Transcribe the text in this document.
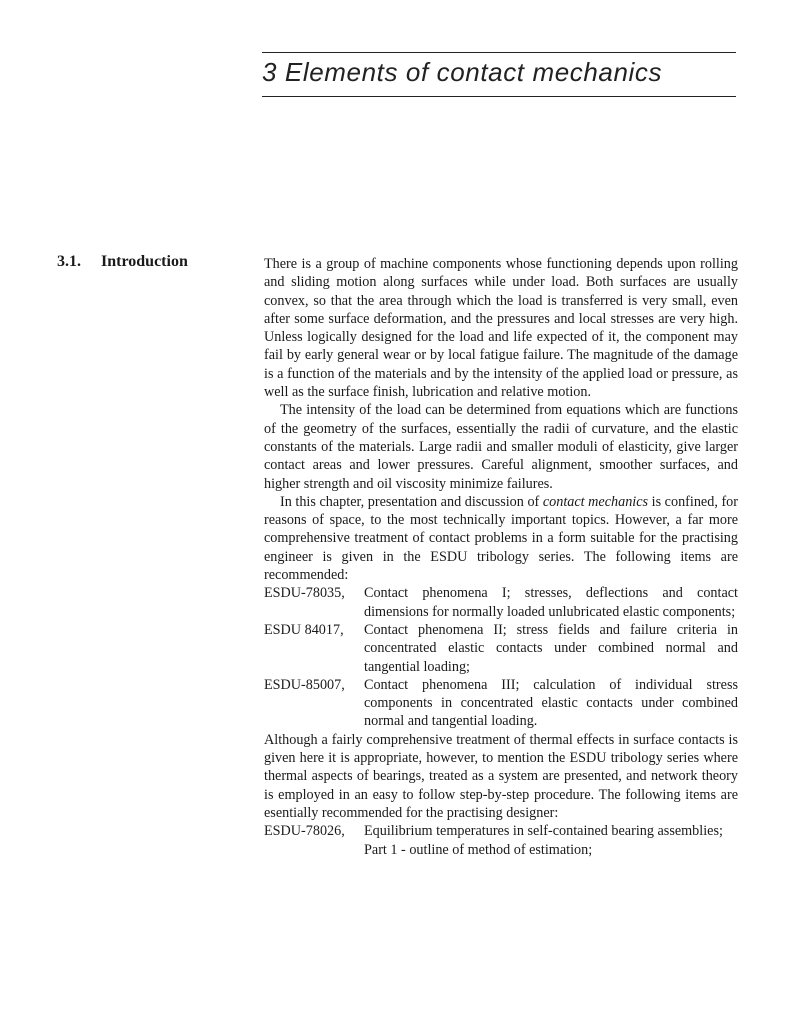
3 Elements of contact mechanics
3.1. Introduction	There is a group of machine components whose functioning depends upon rolling and sliding motion along surfaces while under load. Both surfaces are usually convex, so that the area through which the load is transferred is very small, even after some surface deformation, and the pressures and local stresses are very high. Unless logically designed for the load and life expected of it, the component may fail by early general wear or by local fatigue failure. The magnitude of the damage is a function of the materials and by the intensity of the applied load or pressure, as well as the surface finish, lubrication and relative motion.

The intensity of the load can be determined from equations which are functions of the geometry of the surfaces, essentially the radii of curvature, and the elastic constants of the materials. Large radii and smaller moduli of elasticity, give larger contact areas and lower pressures. Careful alignment, smoother surfaces, and higher strength and oil viscosity minimize failures.

In this chapter, presentation and discussion of contact mechanics is confined, for reasons of space, to the most technically important topics. However, a far more comprehensive treatment of contact problems in a form suitable for the practising engineer is given in the ESDU tribology series. The following items are recommended:

ESDU-78035,	Contact phenomena I; stresses, deflections and contact dimensions for normally loaded unlubricated elastic components;
ESDU 84017,	Contact phenomena II; stress fields and failure criteria in concentrated elastic contacts under combined normal and tangential loading;
ESDU-85007,	Contact phenomena III; calculation of individual stress components in concentrated elastic contacts under combined normal and tangential loading.

Although a fairly comprehensive treatment of thermal effects in surface contacts is given here it is appropriate, however, to mention the ESDU tribology series where thermal aspects of bearings, treated as a system are presented, and network theory is employed in an easy to follow step-by-step procedure. The following items are esentially recommended for the practising designer:

ESDU-78026,	Equilibrium temperatures in self-contained bearing assemblies;
Part 1 - outline of method of estimation;
